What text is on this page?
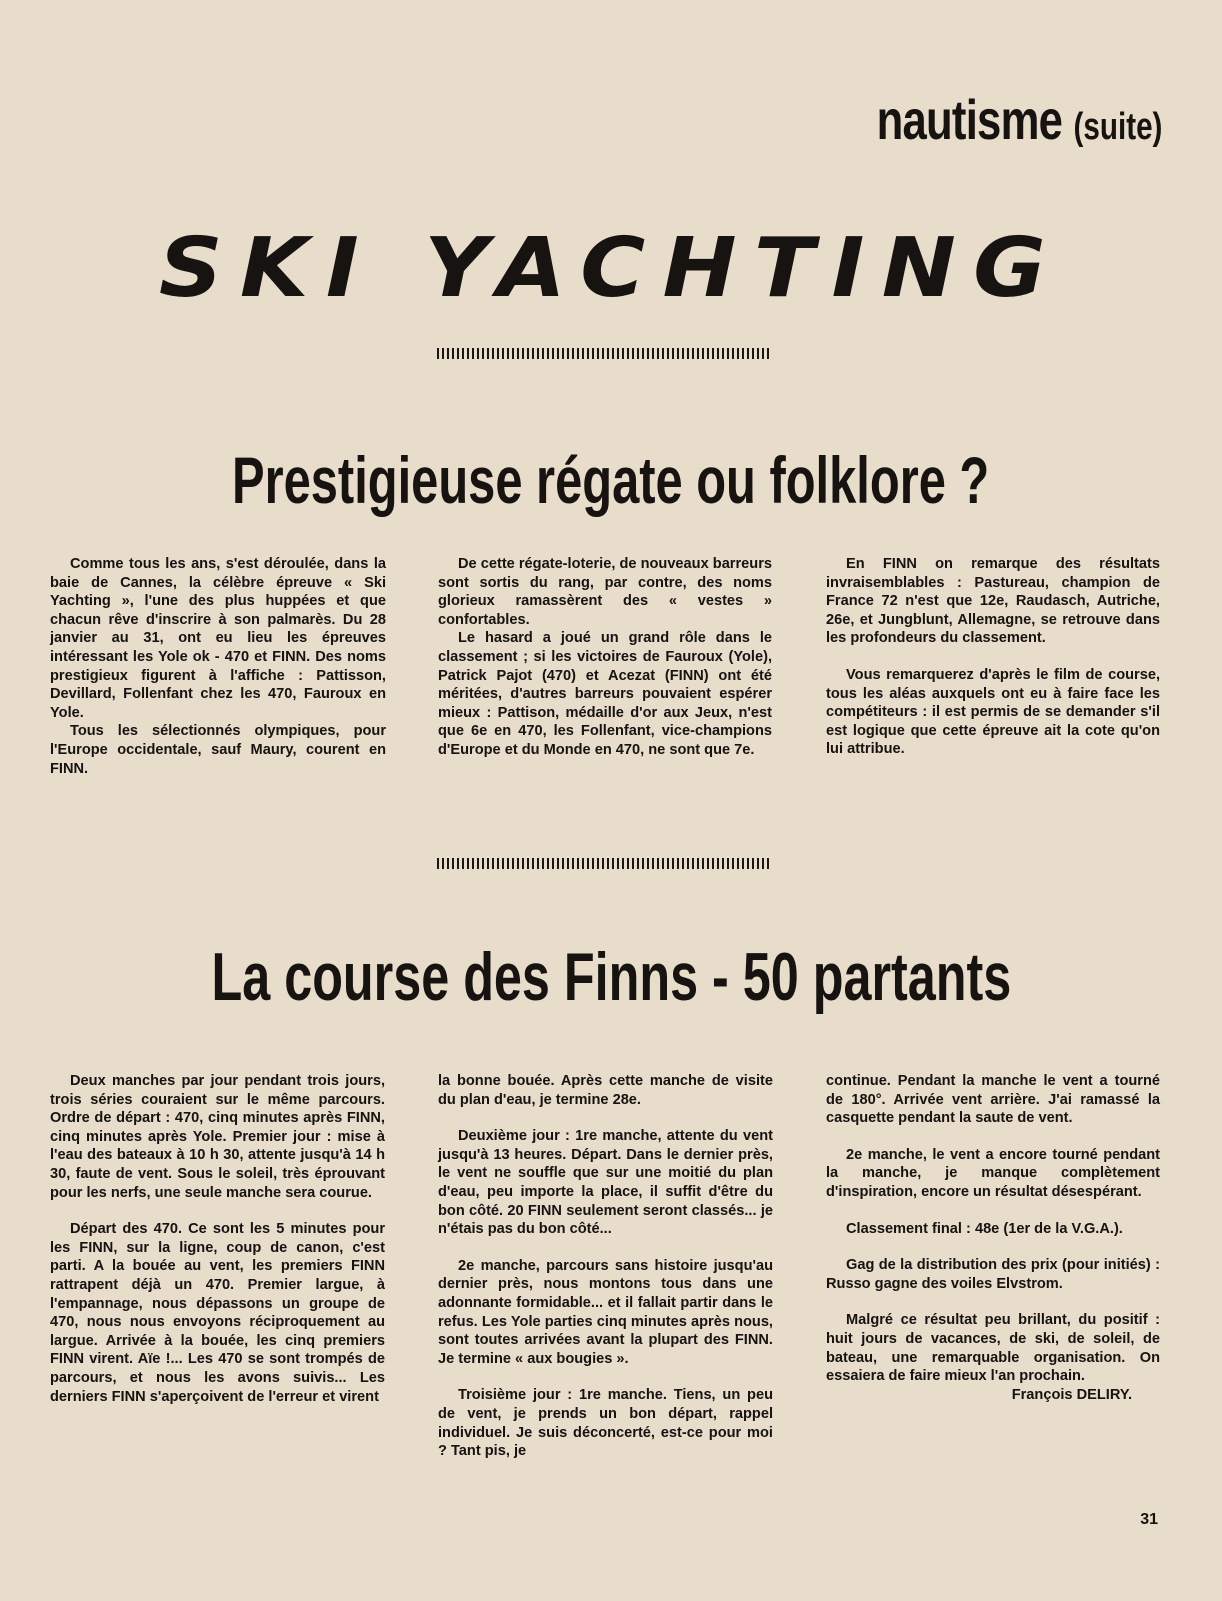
nautisme (suite)
SKI YACHTING
Prestigieuse régate ou folklore ?

Comme tous les ans, s'est déroulée, dans la baie de Cannes, la célèbre épreuve « Ski Yachting », l'une des plus huppées et que chacun rêve d'inscrire à son palmarès. Du 28 janvier au 31, ont eu lieu les épreuves intéressant les Yole ok - 470 et FINN. Des noms prestigieux figurent à l'affiche : Pattisson, Devillard, Follenfant chez les 470, Fauroux en Yole.

Tous les sélectionnés olympiques, pour l'Europe occidentale, sauf Maury, courent en FINN.

De cette régate-loterie, de nouveaux barreurs sont sortis du rang, par contre, des noms glorieux ramassèrent des « vestes » confortables.

Le hasard a joué un grand rôle dans le classement ; si les victoires de Fauroux (Yole), Patrick Pajot (470) et Acezat (FINN) ont été méritées, d'autres barreurs pouvaient espérer mieux : Pattison, médaille d'or aux Jeux, n'est que 6e en 470, les Follenfant, vice-champions d'Europe et du Monde en 470, ne sont que 7e.

En FINN on remarque des résultats invraisemblables : Pastureau, champion de France 72 n'est que 12e, Raudasch, Autriche, 26e, et Jungblunt, Allemagne, se retrouve dans les profondeurs du classement.

Vous remarquerez d'après le film de course, tous les aléas auxquels ont eu à faire face les compétiteurs : il est permis de se demander s'il est logique que cette épreuve ait la cote qu'on lui attribue.

La course des Finns - 50 partants

Deux manches par jour pendant trois jours, trois séries couraient sur le même parcours. Ordre de départ : 470, cinq minutes après FINN, cinq minutes après Yole. Premier jour : mise à l'eau des bateaux à 10 h 30, attente jusqu'à 14 h 30, faute de vent. Sous le soleil, très éprouvant pour les nerfs, une seule manche sera courue.

Départ des 470. Ce sont les 5 minutes pour les FINN, sur la ligne, coup de canon, c'est parti. A la bouée au vent, les premiers FINN rattrapent déjà un 470. Premier largue, à l'empannage, nous dépassons un groupe de 470, nous nous envoyons réciproquement au largue. Arrivée à la bouée, les cinq premiers FINN virent. Aïe !... Les 470 se sont trompés de parcours, et nous les avons suivis... Les derniers FINN s'aperçoivent de l'erreur et virent

la bonne bouée. Après cette manche de visite du plan d'eau, je termine 28e.

Deuxième jour : 1re manche, attente du vent jusqu'à 13 heures. Départ. Dans le dernier près, le vent ne souffle que sur une moitié du plan d'eau, peu importe la place, il suffit d'être du bon côté. 20 FINN seulement seront classés... je n'étais pas du bon côté...

2e manche, parcours sans histoire jusqu'au dernier près, nous montons tous dans une adonnante formidable... et il fallait partir dans le refus. Les Yole parties cinq minutes après nous, sont toutes arrivées avant la plupart des FINN. Je termine « aux bougies ».

Troisième jour : 1re manche. Tiens, un peu de vent, je prends un bon départ, rappel individuel. Je suis déconcerté, est-ce pour moi ? Tant pis, je

continue. Pendant la manche le vent a tourné de 180°. Arrivée vent arrière. J'ai ramassé la casquette pendant la saute de vent.

2e manche, le vent a encore tourné pendant la manche, je manque complètement d'inspiration, encore un résultat désespérant.

Classement final : 48e (1er de la V.G.A.).

Gag de la distribution des prix (pour initiés) : Russo gagne des voiles Elvstrom.

Malgré ce résultat peu brillant, du positif : huit jours de vacances, de ski, de soleil, de bateau, une remarquable organisation. On essaiera de faire mieux l'an prochain.

François DELIRY.

31
